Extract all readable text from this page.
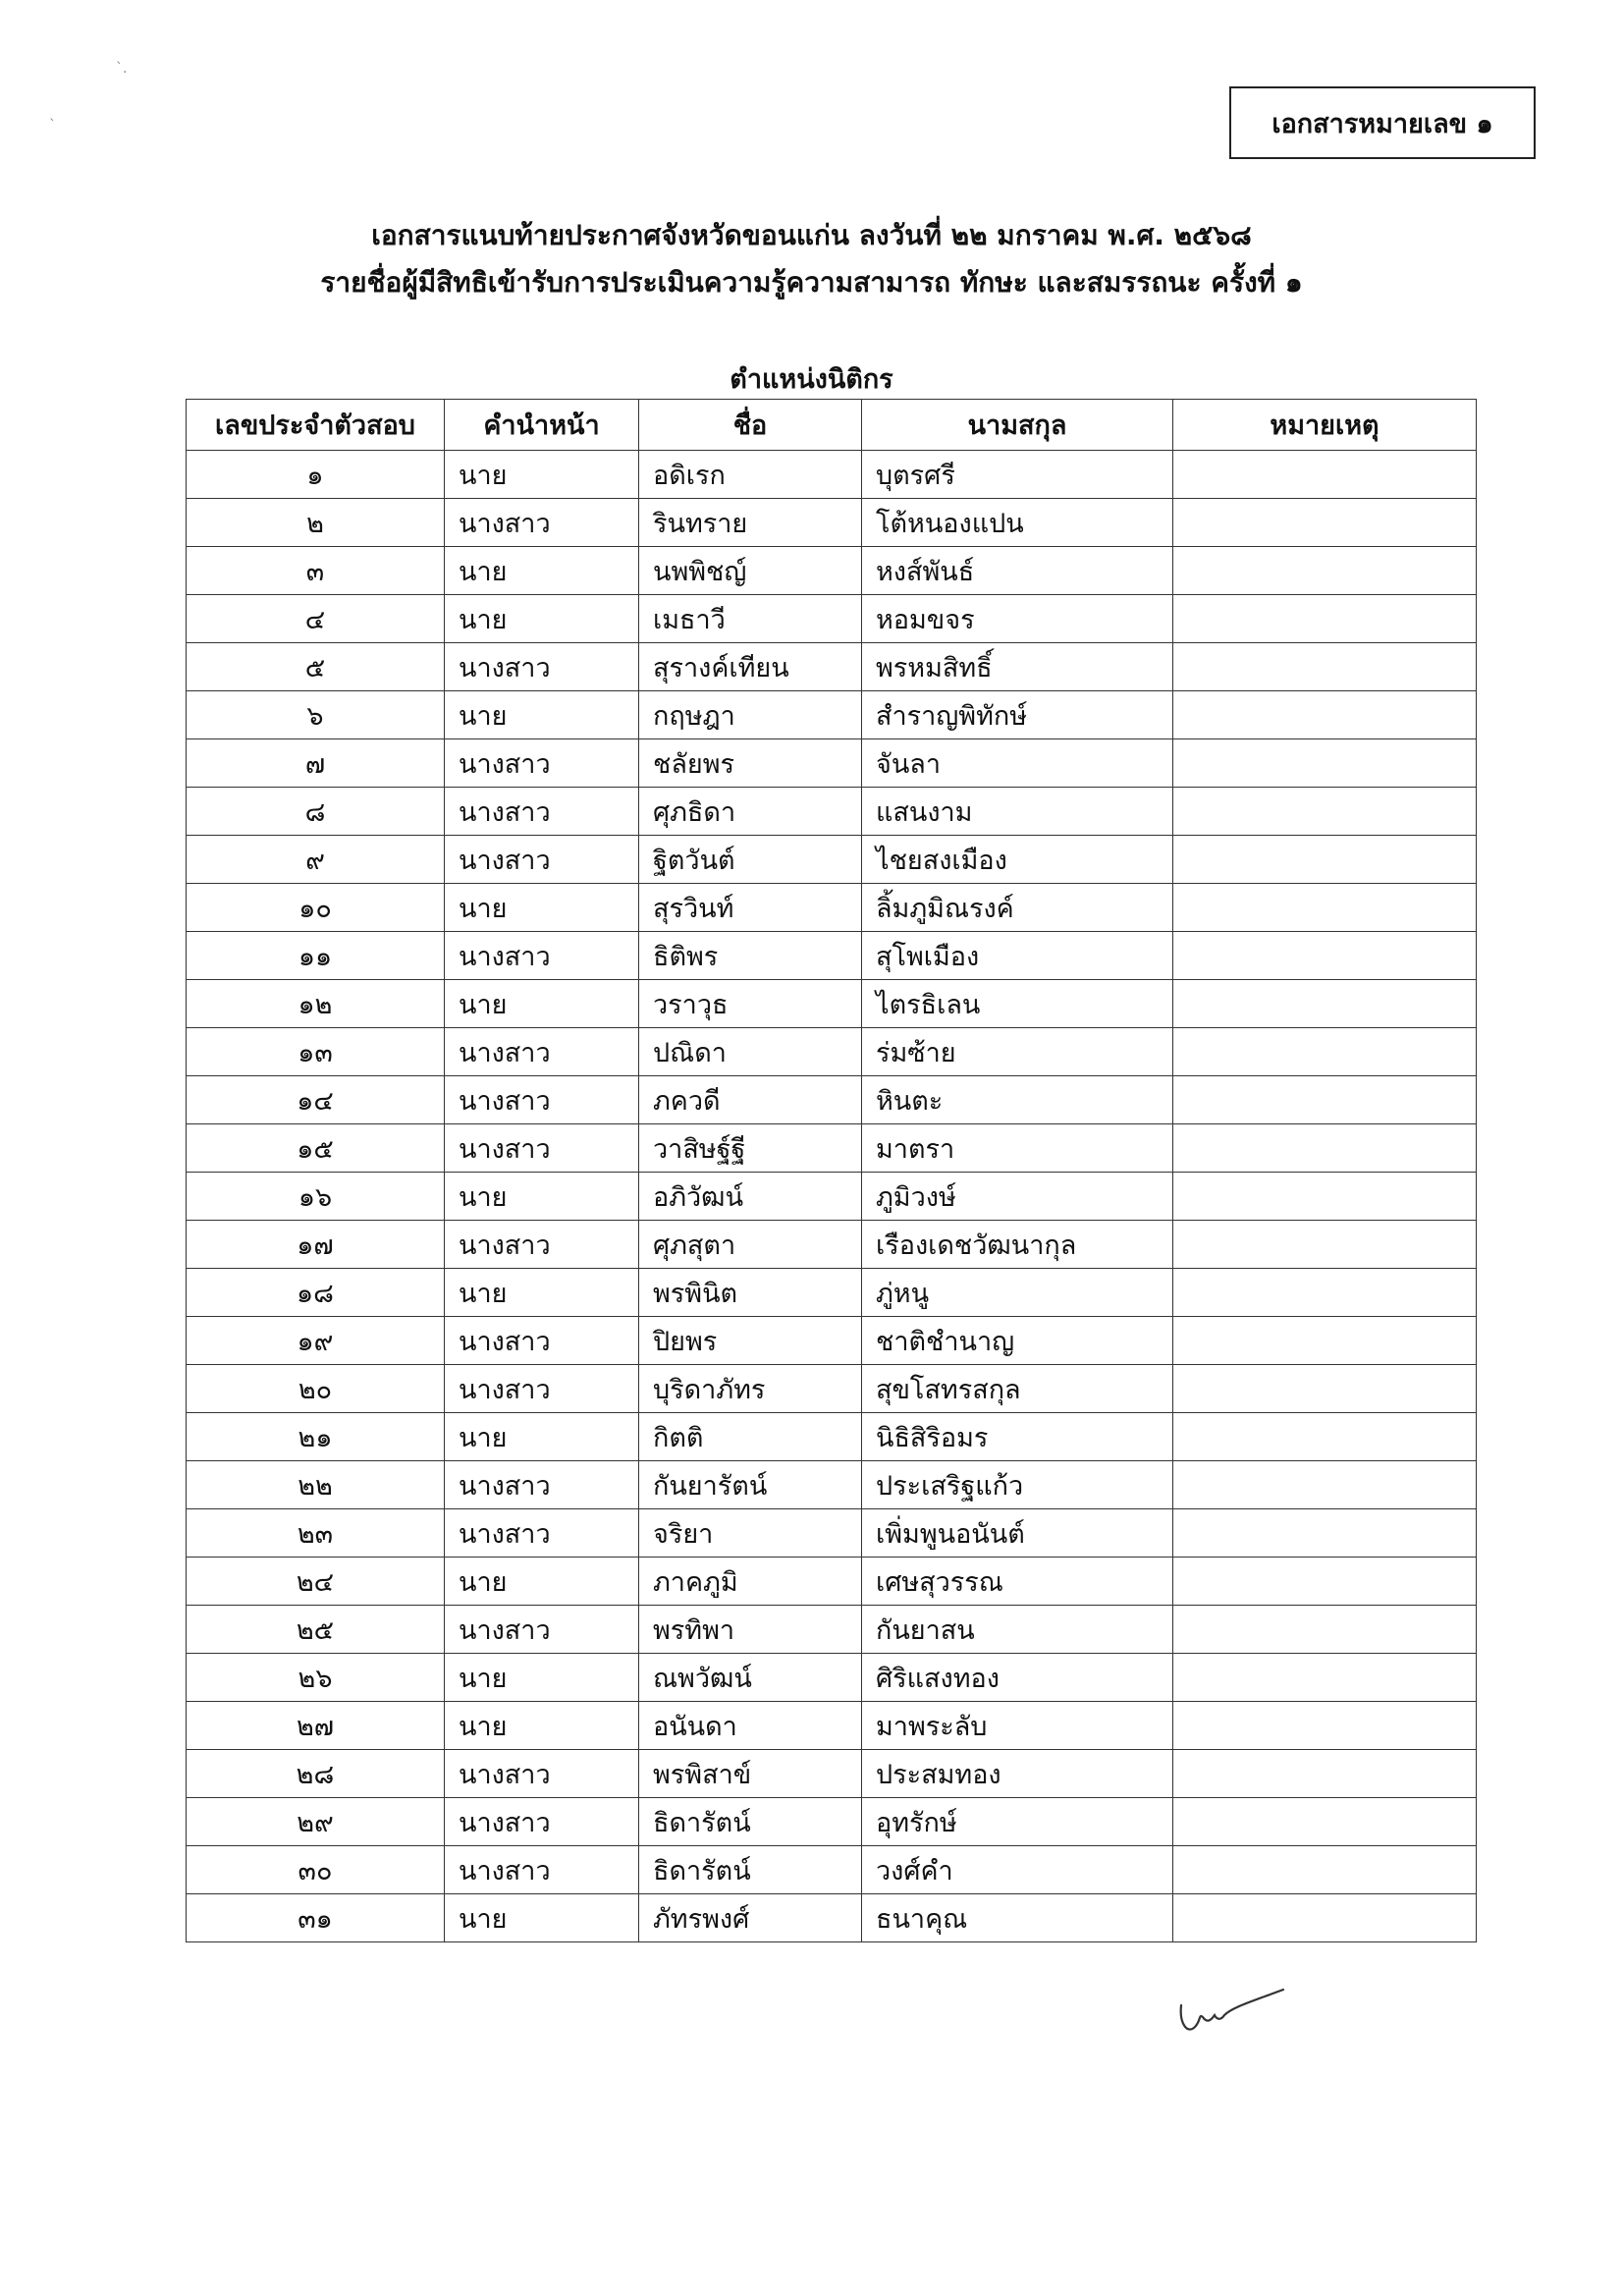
`.
`	เอกสารหมายเลข ๑
เอกสารแนบท้ายประกาศจังหวัดขอนแก่น ลงวันที่ ๒๒ มกราคม พ.ศ. ๒๕๖๘
รายชื่อผู้มีสิทธิเข้ารับการประเมินความรู้ความสามารถ ทักษะ และสมรรถนะ ครั้งที่ ๑
ตำแหน่งนิติกร
เลขประจำตัวสอบ	คำนำหน้า	ชื่อ	นามสกุล	หมายเหตุ
๑	นาย	อดิเรก	บุตรศรี	
๒	นางสาว	รินทราย	โต้หนองแปน	
๓	นาย	นพพิชญ์	หงส์พันธ์	
๔	นาย	เมธาวี	หอมขจร	
๕	นางสาว	สุรางค์เทียน	พรหมสิทธิ์	
๖	นาย	กฤษฎา	สำราญพิทักษ์	
๗	นางสาว	ชลัยพร	จันลา	
๘	นางสาว	ศุภธิดา	แสนงาม	
๙	นางสาว	ฐิตวันต์	ไชยสงเมือง	
๑๐	นาย	สุรวินท์	ลิ้มภูมิณรงค์	
๑๑	นางสาว	ธิติพร	สุโพเมือง	
๑๒	นาย	วราวุธ	ไตรธิเลน	
๑๓	นางสาว	ปณิดา	ร่มซ้าย	
๑๔	นางสาว	ภควดี	หินตะ	
๑๕	นางสาว	วาสิษฐ์ฐี	มาตรา	
๑๖	นาย	อภิวัฒน์	ภูมิวงษ์	
๑๗	นางสาว	ศุภสุตา	เรืองเดชวัฒนากุล	
๑๘	นาย	พรพินิต	ภู่หนู	
๑๙	นางสาว	ปิยพร	ชาติชำนาญ	
๒๐	นางสาว	บุริดาภัทร	สุขโสทรสกุล	
๒๑	นาย	กิตติ	นิธิสิริอมร	
๒๒	นางสาว	กันยารัตน์	ประเสริฐแก้ว	
๒๓	นางสาว	จริยา	เพิ่มพูนอนันต์	
๒๔	นาย	ภาคภูมิ	เศษสุวรรณ	
๒๕	นางสาว	พรทิพา	กันยาสน	
๒๖	นาย	ณพวัฒน์	ศิริแสงทอง	
๒๗	นาย	อนันดา	มาพระลับ	
๒๘	นางสาว	พรพิสาข์	ประสมทอง	
๒๙	นางสาว	ธิดารัตน์	อุทรักษ์	
๓๐	นางสาว	ธิดารัตน์	วงศ์คำ	
๓๑	นาย	ภัทรพงศ์	ธนาคุณ	
